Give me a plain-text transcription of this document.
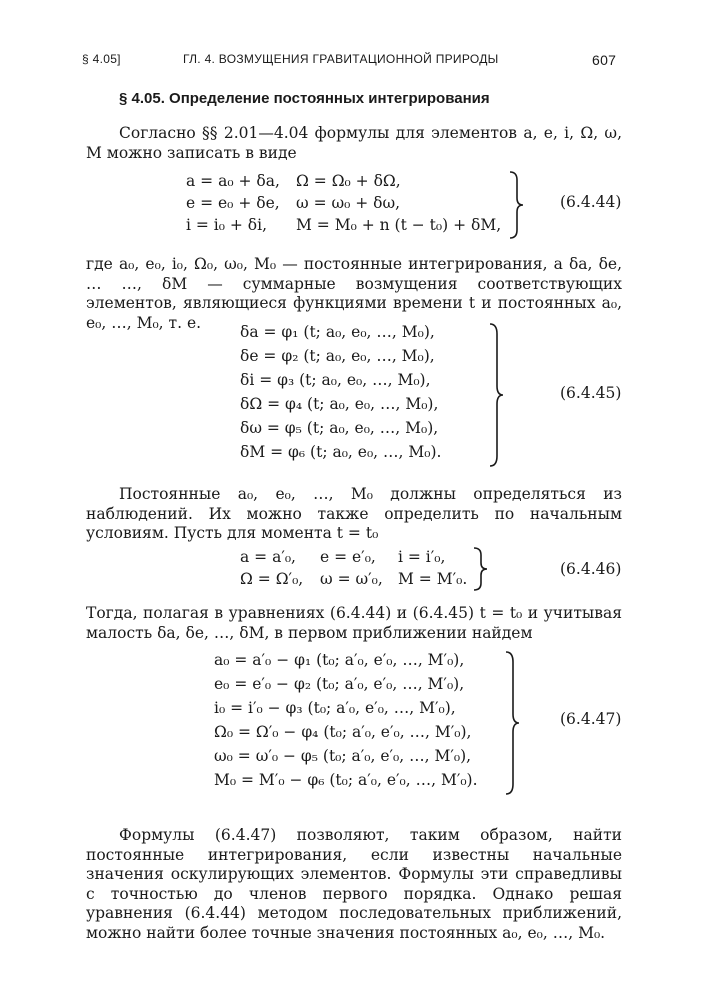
§ 4.05]	ГЛ. 4. ВОЗМУЩЕНИЯ ГРАВИТАЦИОННОЙ ПРИРОДЫ	607
§ 4.05. Определение постоянных интегрирования

Согласно §§ 2.01—4.04 формулы для элементов a, e, i, Ω, ω, M можно записать в виде

a = a₀ + δa, Ω = Ω₀ + δΩ,
e = e₀ + δe, ω = ω₀ + δω,
i = i₀ + δi, M = M₀ + n (t − t₀) + δM,
(6.4.44)

где a₀, e₀, i₀, Ω₀, ω₀, M₀ — постоянные интегрирования, а δa, δe, … …, δM — суммарные возмущения соответствующих элементов, являющиеся функциями времени t и постоянных a₀, e₀, …, M₀, т. е.

δa = φ₁ (t; a₀, e₀, …, M₀),
δe = φ₂ (t; a₀, e₀, …, M₀),
δi = φ₃ (t; a₀, e₀, …, M₀),
δΩ = φ₄ (t; a₀, e₀, …, M₀),
δω = φ₅ (t; a₀, e₀, …, M₀),
δM = φ₆ (t; a₀, e₀, …, M₀).
(6.4.45)

Постоянные a₀, e₀, …, M₀ должны определяться из наблюдений. Их можно также определить по начальным условиям. Пусть для момента t = t₀

a = a′₀, e = e′₀, i = i′₀,
Ω = Ω′₀, ω = ω′₀, M = M′₀.
(6.4.46)

Тогда, полагая в уравнениях (6.4.44) и (6.4.45) t = t₀ и учитывая малость δa, δe, …, δM, в первом приближении найдем

a₀ = a′₀ − φ₁ (t₀; a′₀, e′₀, …, M′₀),
e₀ = e′₀ − φ₂ (t₀; a′₀, e′₀, …, M′₀),
i₀ = i′₀ − φ₃ (t₀; a′₀, e′₀, …, M′₀),
Ω₀ = Ω′₀ − φ₄ (t₀; a′₀, e′₀, …, M′₀),
ω₀ = ω′₀ − φ₅ (t₀; a′₀, e′₀, …, M′₀),
M₀ = M′₀ − φ₆ (t₀; a′₀, e′₀, …, M′₀).
(6.4.47)

Формулы (6.4.47) позволяют, таким образом, найти постоянные интегрирования, если известны начальные значения оскулирующих элементов. Формулы эти справедливы с точностью до членов первого порядка. Однако решая уравнения (6.4.44) методом последовательных приближений, можно найти более точные значения постоянных a₀, e₀, …, M₀.
